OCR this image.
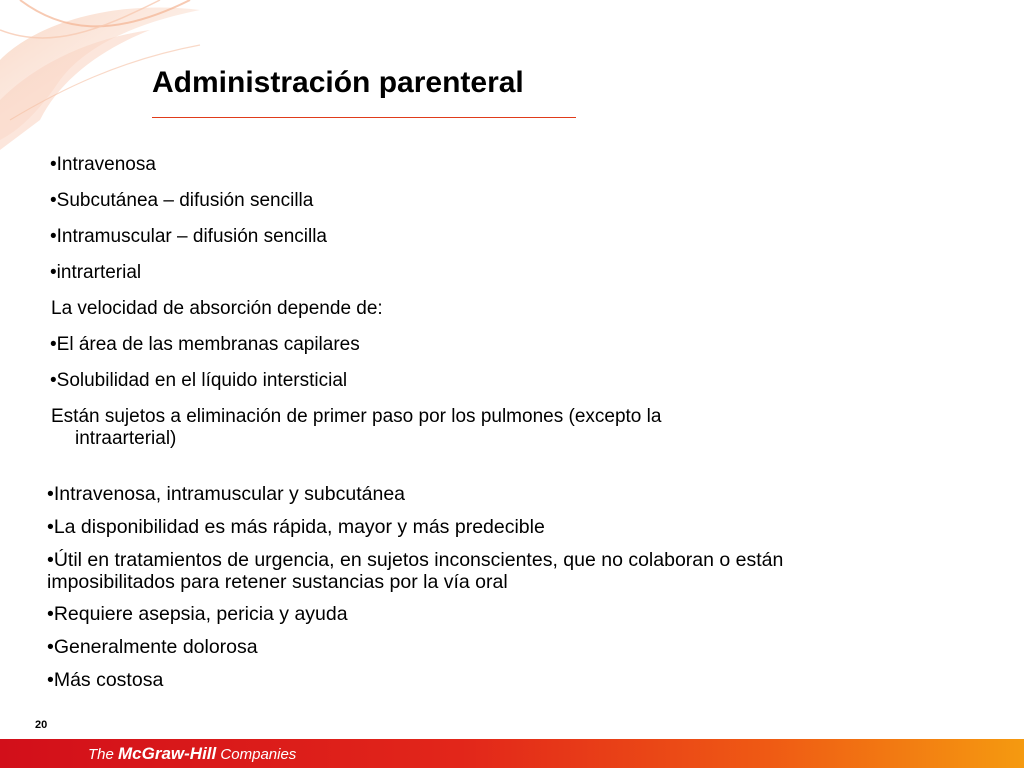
Administración parenteral
•Intravenosa
•Subcutánea – difusión sencilla
•Intramuscular – difusión sencilla
•intrarterial
La velocidad de absorción depende de:
•El área de las membranas capilares
•Solubilidad en el líquido intersticial
Están sujetos a eliminación de primer paso por los pulmones (excepto la
intraarterial)
•Intravenosa, intramuscular y subcutánea
•La disponibilidad es más rápida, mayor y más predecible
•Útil en tratamientos de urgencia, en sujetos inconscientes, que no colaboran o están imposibilitados para retener sustancias por la vía oral
•Requiere asepsia, pericia y ayuda
•Generalmente dolorosa
•Más costosa
20
The McGraw-Hill Companies
